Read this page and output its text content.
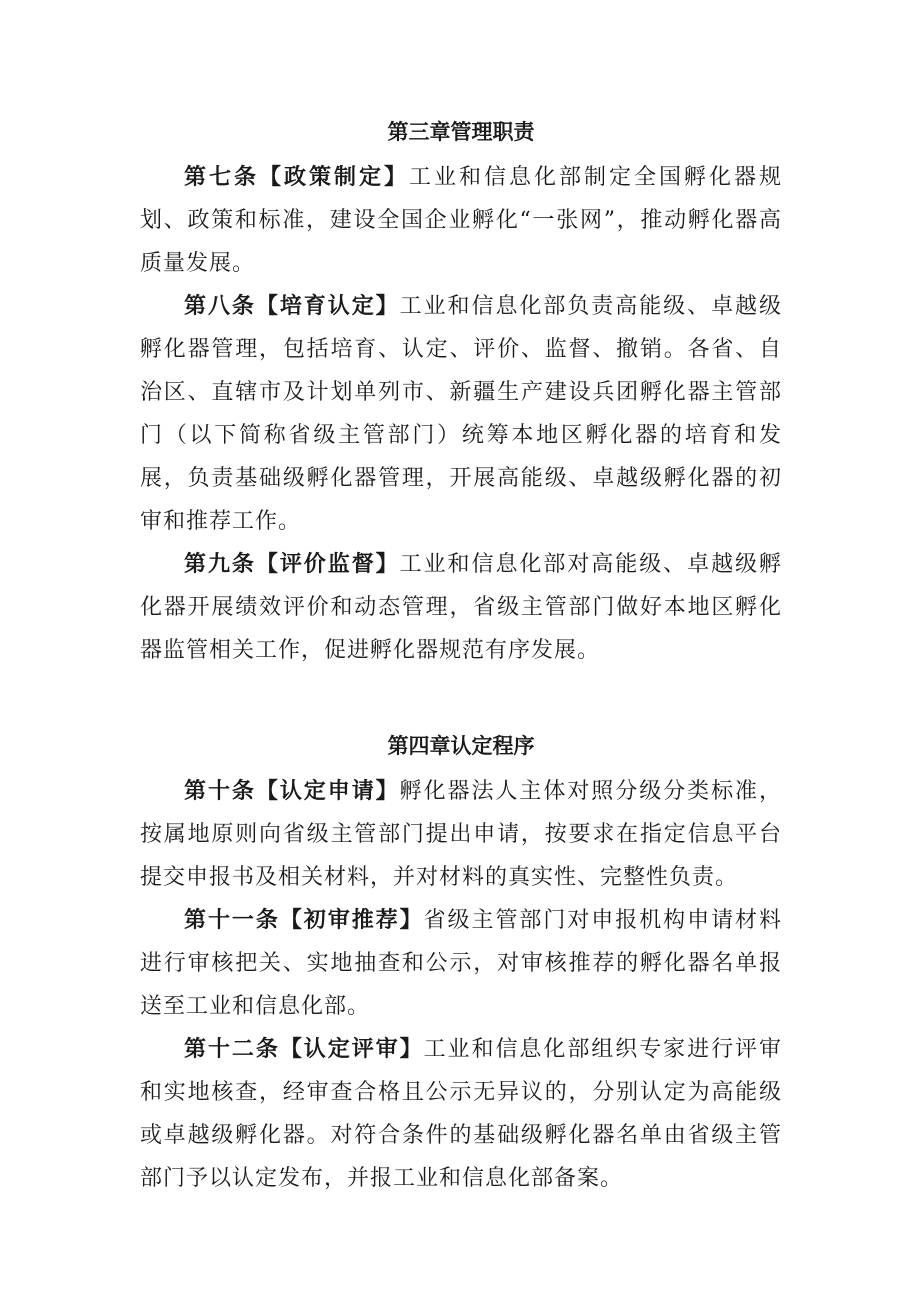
第三章管理职责

第七条【政策制定】工业和信息化部制定全国孵化器规划、政策和标准，建设全国企业孵化“一张网”，推动孵化器高质量发展。

第八条【培育认定】工业和信息化部负责高能级、卓越级孵化器管理，包括培育、认定、评价、监督、撤销。各省、自治区、直辖市及计划单列市、新疆生产建设兵团孵化器主管部门（以下简称省级主管部门）统筹本地区孵化器的培育和发展，负责基础级孵化器管理，开展高能级、卓越级孵化器的初审和推荐工作。

第九条【评价监督】工业和信息化部对高能级、卓越级孵化器开展绩效评价和动态管理，省级主管部门做好本地区孵化器监管相关工作，促进孵化器规范有序发展。

第四章认定程序

第十条【认定申请】孵化器法人主体对照分级分类标准，按属地原则向省级主管部门提出申请，按要求在指定信息平台提交申报书及相关材料，并对材料的真实性、完整性负责。

第十一条【初审推荐】省级主管部门对申报机构申请材料进行审核把关、实地抽查和公示，对审核推荐的孵化器名单报送至工业和信息化部。

第十二条【认定评审】工业和信息化部组织专家进行评审和实地核查，经审查合格且公示无异议的，分别认定为高能级或卓越级孵化器。对符合条件的基础级孵化器名单由省级主管部门予以认定发布，并报工业和信息化部备案。
